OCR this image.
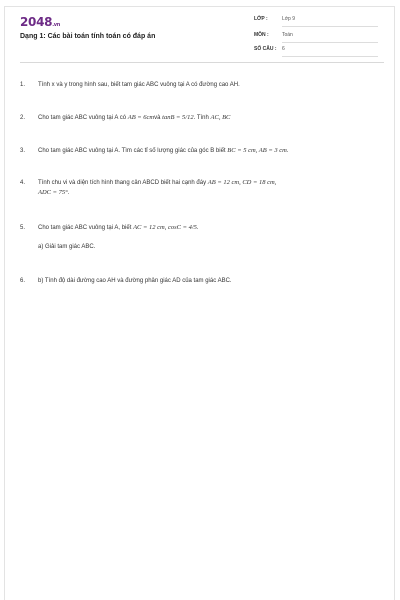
2048.vn
Dạng 1: Các bài toán tính toán có đáp án
LỚP :	Lớp 9
MÔN :	Toán
SỐ CÂU : 6
1.	Tính x và y trong hình sau, biết tam giác ABC vuông tại A có đường cao AH.
2.	Cho tam giác ABC vuông tại A có AB = 6cmvà tanB = 5/12. Tính AC, BC
3.	Cho tam giác ABC vuông tại A. Tìm các tỉ số lượng giác của góc B biết BC = 5 cm, AB = 3 cm.
4.	Tính chu vi và diện tích hình thang cân ABCD biết hai cạnh đáy AB = 12 cm, CD = 18 cm,
ADC = 75°.
5.	Cho tam giác ABC vuông tại A, biết AC = 12 cm, cosC = 4/5.
a) Giải tam giác ABC.
6.	b) Tính độ dài đường cao AH và đường phân giác AD của tam giác ABC.
